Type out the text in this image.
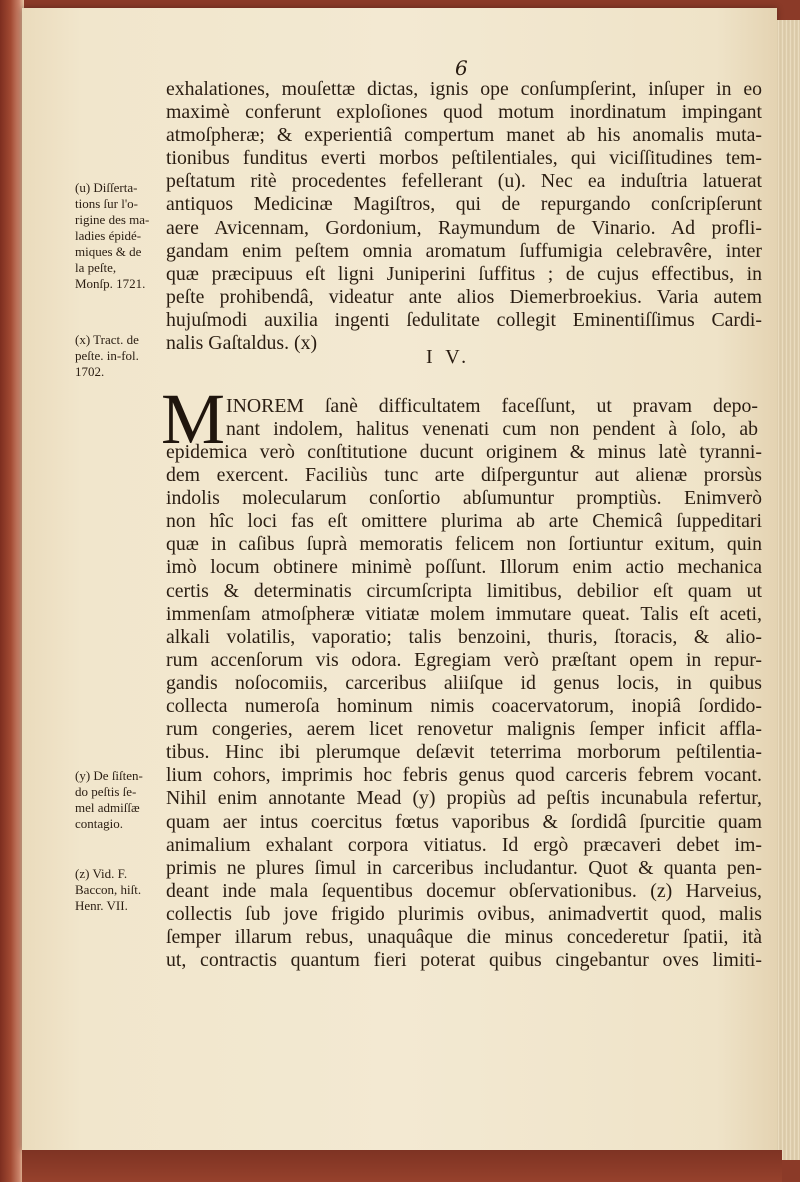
6
exhalationes, mouſettæ dictas, ignis ope conſumpſerint, inſuper in eo
maximè conferunt exploſiones quod motum inordinatum impingant
atmoſpheræ; & experientiâ compertum manet ab his anomalis muta-
tionibus funditus everti morbos peſtilentiales, qui viciſſitudines tem-
peſtatum ritè procedentes fefellerant (u). Nec ea induſtria latuerat
antiquos Medicinæ Magiſtros, qui de repurgando conſcripſerunt
aere Avicennam, Gordonium, Raymundum de Vinario. Ad profli-
gandam enim peſtem omnia aromatum ſuffumigia celebravêre, inter
quæ præcipuus eſt ligni Juniperini ſuffitus ; de cujus effectibus, in
peſte prohibendâ, videatur ante alios Diemerbroekius. Varia autem
hujuſmodi auxilia ingenti ſedulitate collegit Eminentiſſimus Cardi-
nalis Gaſtaldus. (x)
I V.
M INOREM ſanè difficultatem faceſſunt, ut pravam depo-
nant indolem, halitus venenati cum non pendent à ſolo, ab
epidemica verò conſtitutione ducunt originem & minus latè tyranni-
dem exercent. Faciliùs tunc arte diſperguntur aut alienæ prorsùs
indolis molecularum conſortio abſumuntur promptiùs. Enimverò
non hîc loci fas eſt omittere plurima ab arte Chemicâ ſuppeditari
quæ in caſibus ſuprà memoratis felicem non ſortiuntur exitum, quin
imò locum obtinere minimè poſſunt. Illorum enim actio mechanica
certis & determinatis circumſcripta limitibus, debilior eſt quam ut
immenſam atmoſpheræ vitiatæ molem immutare queat. Talis eſt aceti,
alkali volatilis, vaporatio; talis benzoini, thuris, ſtoracis, & alio-
rum accenſorum vis odora. Egregiam verò præſtant opem in repur-
gandis noſocomiis, carceribus aliiſque id genus locis, in quibus
collecta numeroſa hominum nimis coacervatorum, inopiâ ſordido-
rum congeries, aerem licet renovetur malignis ſemper inficit affla-
tibus. Hinc ibi plerumque deſævit teterrima morborum peſtilentia-
lium cohors, imprimis hoc febris genus quod carceris febrem vocant.
Nihil enim annotante Mead (y) propiùs ad peſtis incunabula refertur,
quam aer intus coercitus fœtus vaporibus & ſordidâ ſpurcitie quam
animalium exhalant corpora vitiatus. Id ergò præcaveri debet im-
primis ne plures ſimul in carceribus includantur. Quot & quanta pen-
deant inde mala ſequentibus docemur obſervationibus. (z) Harveius,
collectis ſub jove frigido plurimis ovibus, animadvertit quod, malis
ſemper illarum rebus, unaquâque die minus concederetur ſpatii, ità
ut, contractis quantum fieri poterat quibus cingebantur oves limiti-
(u) Diſſerta-
tions ſur l'o-
rigine des ma-
ladies épidé-
miques & de
la peſte,
Monſp. 1721.
(x) Tract. de
peſte. in-fol.
1702.
(y) De ſiſten-
do peſtis ſe-
mel admiſſæ
contagio.
(z) Vid. F.
Baccon, hiſt.
Henr. VII.
